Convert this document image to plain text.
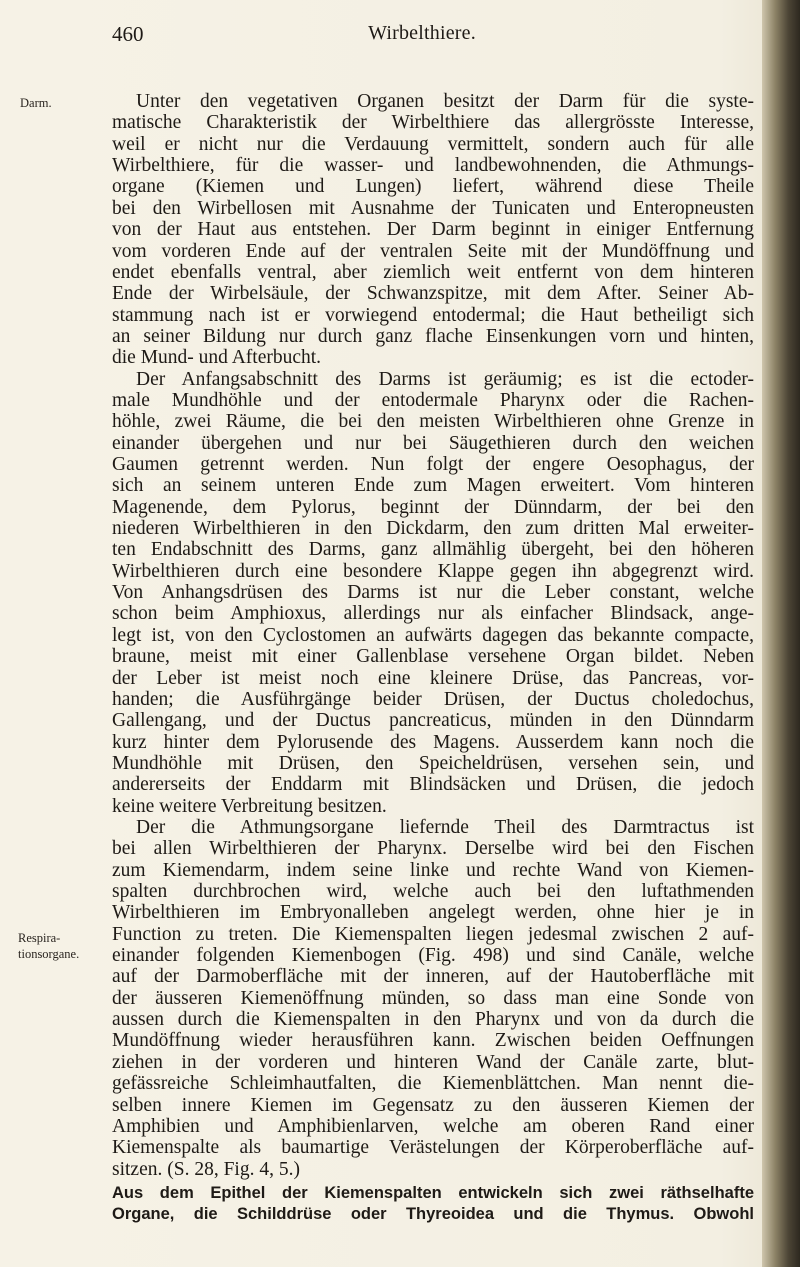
460	Wirbelthiere.
Darm.
Respira-
tionsorgane.
Unter den vegetativen Organen besitzt der Darm für die syste-
matische Charakteristik der Wirbelthiere das allergrösste Interesse,
weil er nicht nur die Verdauung vermittelt, sondern auch für alle
Wirbelthiere, für die wasser- und landbewohnenden, die Athmungs-
organe (Kiemen und Lungen) liefert, während diese Theile
bei den Wirbellosen mit Ausnahme der Tunicaten und Enteropneusten
von der Haut aus entstehen. Der Darm beginnt in einiger Entfernung
vom vorderen Ende auf der ventralen Seite mit der Mundöffnung und
endet ebenfalls ventral, aber ziemlich weit entfernt von dem hinteren
Ende der Wirbelsäule, der Schwanzspitze, mit dem After. Seiner Ab-
stammung nach ist er vorwiegend entodermal; die Haut betheiligt sich
an seiner Bildung nur durch ganz flache Einsenkungen vorn und hinten,
die Mund- und Afterbucht.
Der Anfangsabschnitt des Darms ist geräumig; es ist die ectoder-
male Mundhöhle und der entodermale Pharynx oder die Rachen-
höhle, zwei Räume, die bei den meisten Wirbelthieren ohne Grenze in
einander übergehen und nur bei Säugethieren durch den weichen
Gaumen getrennt werden. Nun folgt der engere Oesophagus, der
sich an seinem unteren Ende zum Magen erweitert. Vom hinteren
Magenende, dem Pylorus, beginnt der Dünndarm, der bei den
niederen Wirbelthieren in den Dickdarm, den zum dritten Mal erweiter-
ten Endabschnitt des Darms, ganz allmählig übergeht, bei den höheren
Wirbelthieren durch eine besondere Klappe gegen ihn abgegrenzt wird.
Von Anhangsdrüsen des Darms ist nur die Leber constant, welche
schon beim Amphioxus, allerdings nur als einfacher Blindsack, ange-
legt ist, von den Cyclostomen an aufwärts dagegen das bekannte compacte,
braune, meist mit einer Gallenblase versehene Organ bildet. Neben
der Leber ist meist noch eine kleinere Drüse, das Pancreas, vor-
handen; die Ausführgänge beider Drüsen, der Ductus choledochus,
Gallengang, und der Ductus pancreaticus, münden in den Dünndarm
kurz hinter dem Pylorusende des Magens. Ausserdem kann noch die
Mundhöhle mit Drüsen, den Speicheldrüsen, versehen sein, und
andererseits der Enddarm mit Blindsäcken und Drüsen, die jedoch
keine weitere Verbreitung besitzen.
Der die Athmungsorgane liefernde Theil des Darmtractus ist
bei allen Wirbelthieren der Pharynx. Derselbe wird bei den Fischen
zum Kiemendarm, indem seine linke und rechte Wand von Kiemen-
spalten durchbrochen wird, welche auch bei den luftathmenden
Wirbelthieren im Embryonalleben angelegt werden, ohne hier je in
Function zu treten. Die Kiemenspalten liegen jedesmal zwischen 2 auf-
einander folgenden Kiemenbogen (Fig. 498) und sind Canäle, welche
auf der Darmoberfläche mit der inneren, auf der Hautoberfläche mit
der äusseren Kiemenöffnung münden, so dass man eine Sonde von
aussen durch die Kiemenspalten in den Pharynx und von da durch die
Mundöffnung wieder herausführen kann. Zwischen beiden Oeffnungen
ziehen in der vorderen und hinteren Wand der Canäle zarte, blut-
gefässreiche Schleimhautfalten, die Kiemenblättchen. Man nennt die-
selben innere Kiemen im Gegensatz zu den äusseren Kiemen der
Amphibien und Amphibienlarven, welche am oberen Rand einer
Kiemenspalte als baumartige Verästelungen der Körperoberfläche auf-
sitzen. (S. 28, Fig. 4, 5.)
Aus dem Epithel der Kiemenspalten entwickeln sich zwei räthselhafte
Organe, die Schilddrüse oder Thyreoidea und die Thymus. Obwohl
